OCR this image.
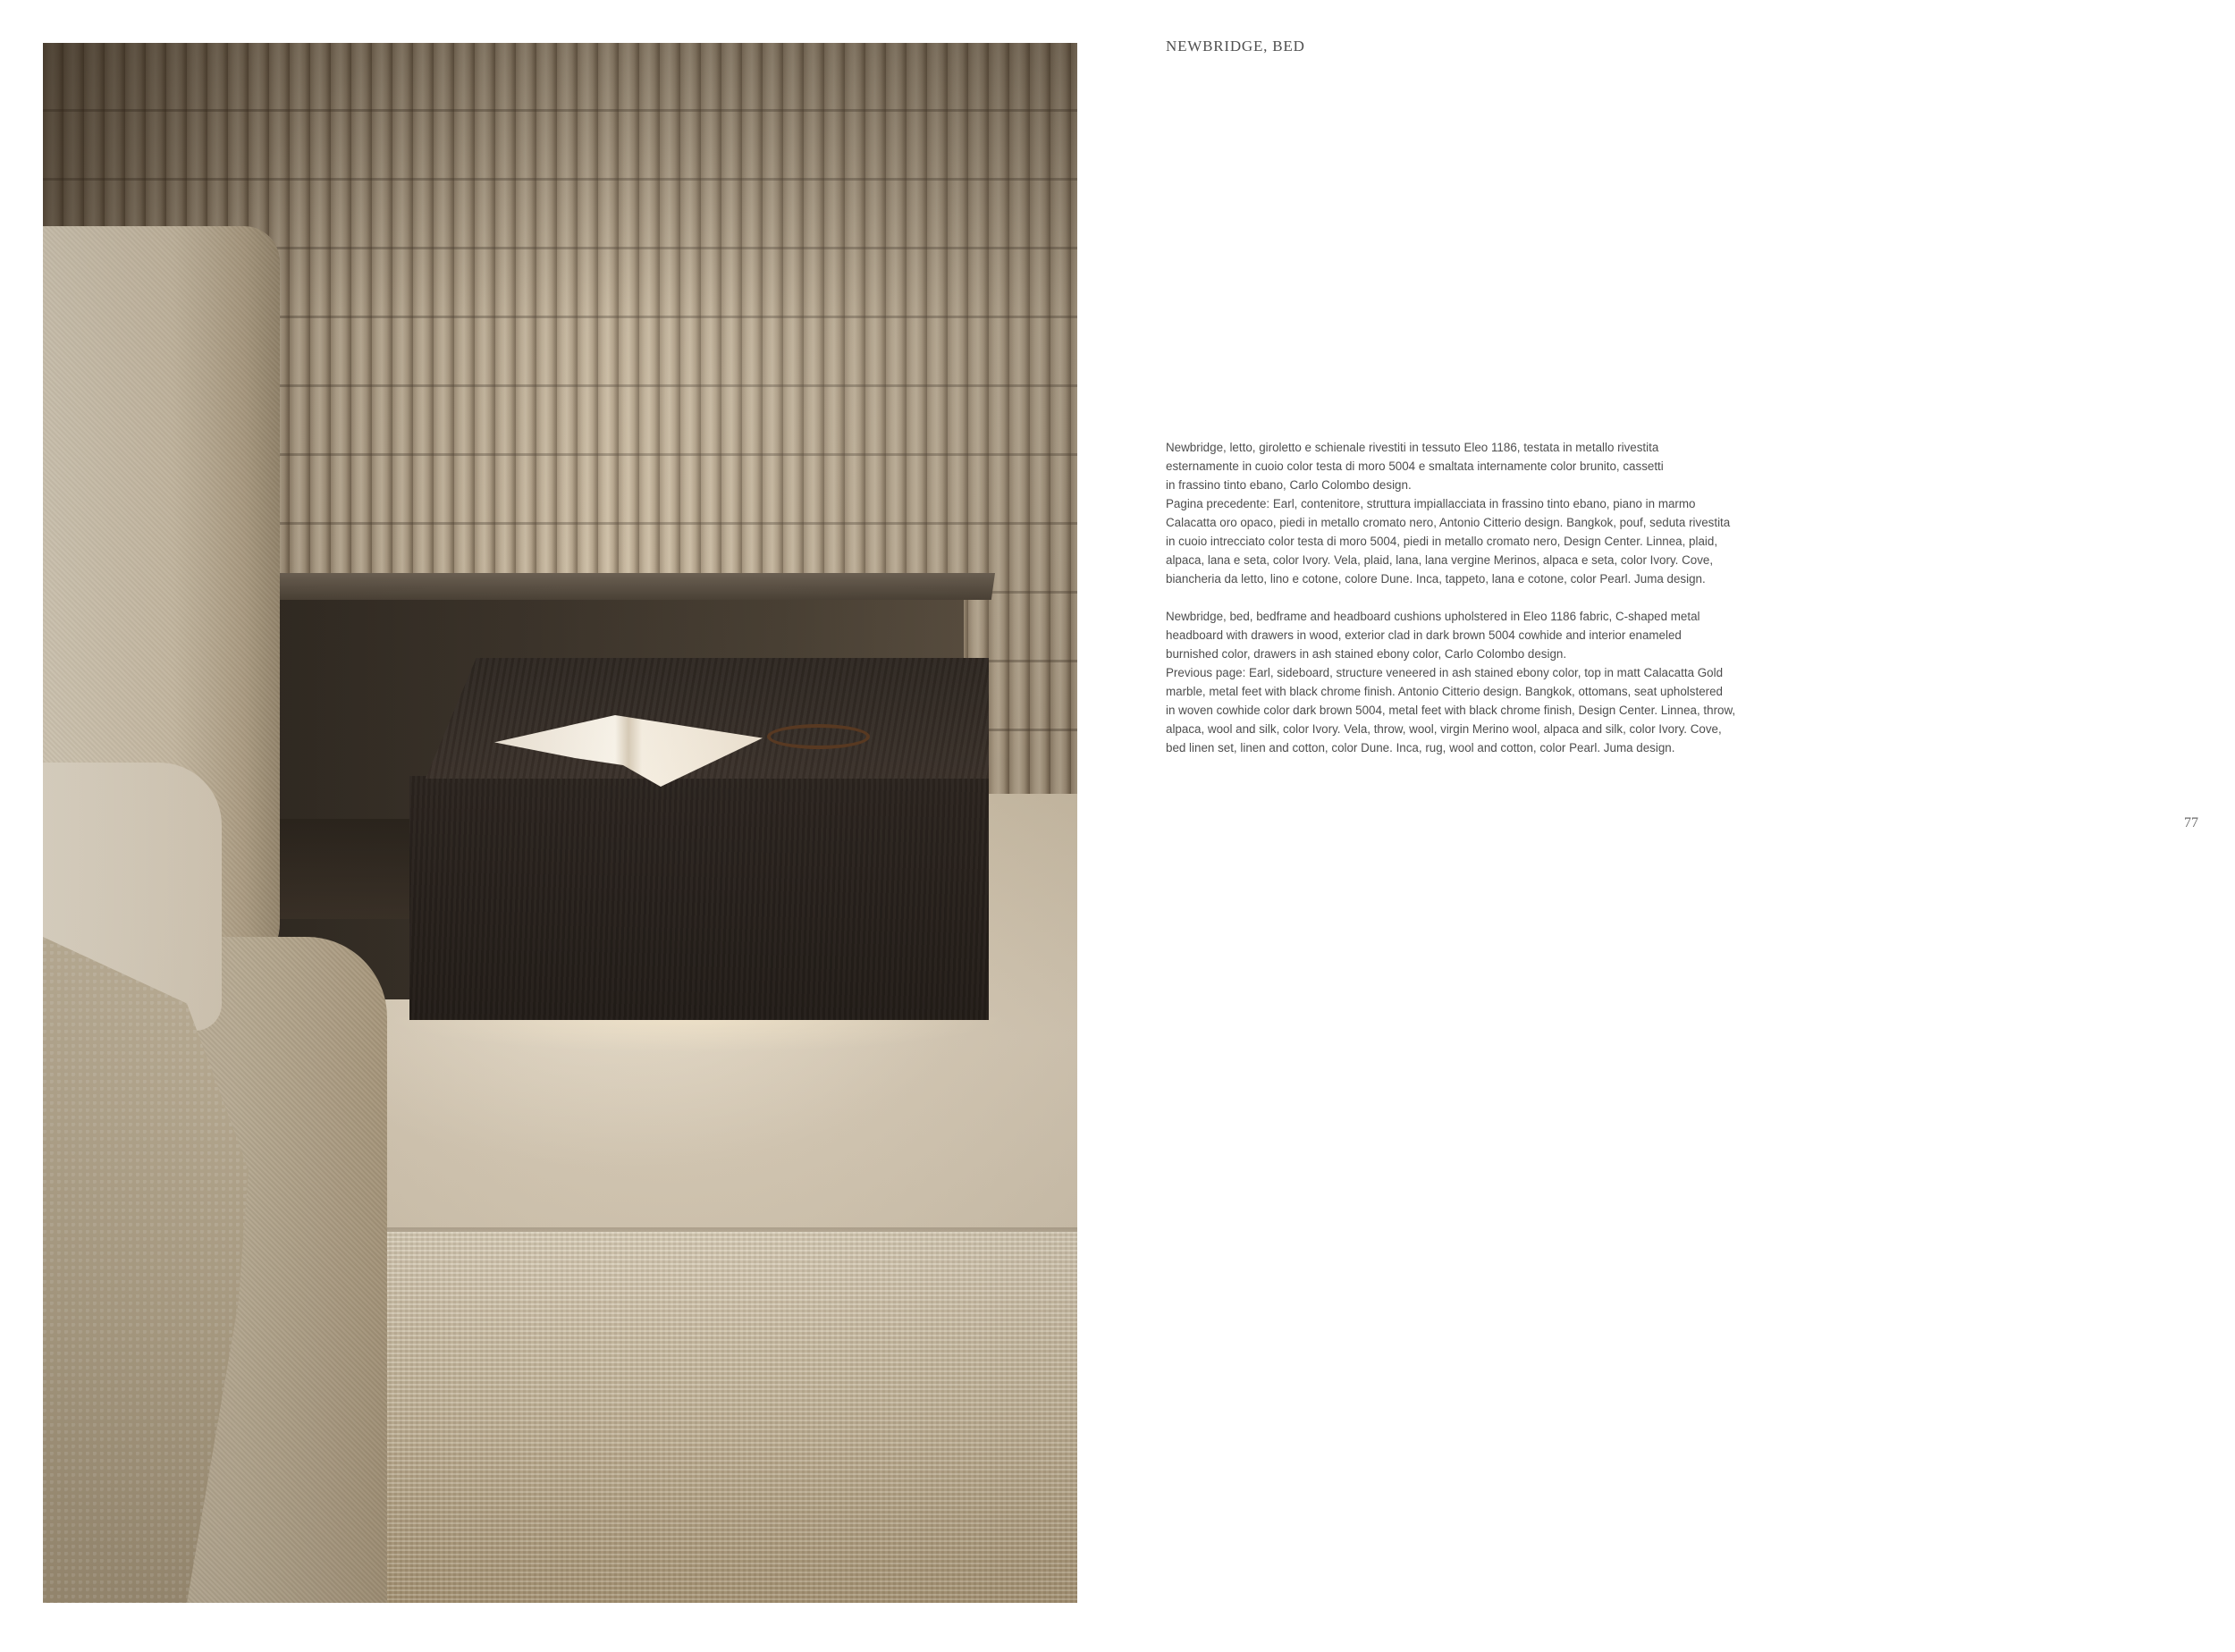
NEWBRIDGE, BED

Newbridge, letto, giroletto e schienale rivestiti in tessuto Eleo 1186, testata in metallo rivestita
esternamente in cuoio color testa di moro 5004 e smaltata internamente color brunito, cassetti
in frassino tinto ebano, Carlo Colombo design.
Pagina precedente: Earl, contenitore, struttura impiallacciata in frassino tinto ebano, piano in marmo
Calacatta oro opaco, piedi in metallo cromato nero, Antonio Citterio design. Bangkok, pouf, seduta rivestita
in cuoio intrecciato color testa di moro 5004, piedi in metallo cromato nero, Design Center. Linnea, plaid,
alpaca, lana e seta, color Ivory. Vela, plaid, lana, lana vergine Merinos, alpaca e seta, color Ivory. Cove,
biancheria da letto, lino e cotone, colore Dune. Inca, tappeto, lana e cotone, color Pearl. Juma design.

Newbridge, bed, bedframe and headboard cushions upholstered in Eleo 1186 fabric, C-shaped metal
headboard with drawers in wood, exterior clad in dark brown 5004 cowhide and interior enameled
burnished color, drawers in ash stained ebony color, Carlo Colombo design.
Previous page: Earl, sideboard, structure veneered in ash stained ebony color, top in matt Calacatta Gold
marble, metal feet with black chrome finish. Antonio Citterio design. Bangkok, ottomans, seat upholstered
in woven cowhide color dark brown 5004, metal feet with black chrome finish, Design Center. Linnea, throw,
alpaca, wool and silk, color Ivory. Vela, throw, wool, virgin Merino wool, alpaca and silk, color Ivory. Cove,
bed linen set, linen and cotton, color Dune. Inca, rug, wool and cotton, color Pearl. Juma design.

77
